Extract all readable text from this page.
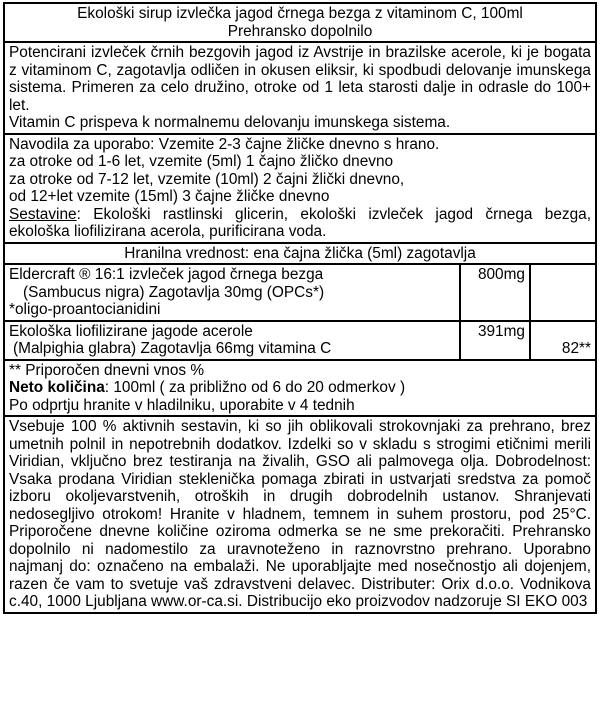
Ekološki sirup izvlečka jagod črnega bezga z vitaminom C, 100ml
Prehransko dopolnilo
Potencirani izvleček črnih bezgovih jagod iz Avstrije in brazilske acerole, ki je bogata z vitaminom C, zagotavlja odličen in okusen eliksir, ki spodbudi delovanje imunskega sistema. Primeren za celo družino, otroke od 1 leta starosti dalje in odrasle do 100+ let.
Vitamin C prispeva k normalnemu delovanju imunskega sistema.
Navodila za uporabo: Vzemite 2-3 čajne žličke dnevno s hrano.
za otroke od 1-6 let, vzemite (5ml) 1 čajno žličko dnevno
za otroke od 7-12 let, vzemite (10ml) 2 čajni žlički dnevno,
od 12+let vzemite (15ml) 3 čajne žličke dnevno
Sestavine: Ekološki rastlinski glicerin, ekološki izvleček jagod črnega bezga, ekološka liofilizirana acerola, purificirana voda.
Hranilna vrednost: ena čajna žlička (5ml) zagotavlja
Eldercraft ® 16:1 izvleček jagod črnega bezga
(Sambucus nigra) Zagotavlja 30mg (OPCs*)
*oligo-proantocianidini
800mg
Ekološka liofilizirane jagode acerole
(Malpighia glabra) Zagotavlja 66mg vitamina C
391mg
82**
** Priporočen dnevni vnos %
Neto količina: 100ml ( za približno od 6 do 20 odmerkov )
Po odprtju hranite v hladilniku, uporabite v 4 tednih
Vsebuje 100 % aktivnih sestavin, ki so jih oblikovali strokovnjaki za prehrano, brez umetnih polnil in nepotrebnih dodatkov. Izdelki so v skladu s strogimi etičnimi merili Viridian, vključno brez testiranja na živalih, GSO ali palmovega olja. Dobrodelnost: Vsaka prodana Viridian stekleničkа pomaga zbirati in ustvarjati sredstva za pomoč izboru okoljevarstvenih, otroških in drugih dobrodelnih ustanov. Shranjevati nedosegljivo otrokom! Hranite v hladnem, temnem in suhem prostoru, pod 25°C. Priporočene dnevne količine oziroma odmerka se ne sme prekoračiti. Prehransko dopolnilo ni nadomestilo za uravnoteženo in raznovrstno prehrano. Uporabno najmanj do: označeno na embalaži. Ne uporabljajte med nosečnostjo ali dojenjem, razen če vam to svetuje vaš zdravstveni delavec. Distributer: Orix d.o.o. Vodnikova c.40, 1000 Ljubljana www.or-ca.si. Distribucijo eko proizvodov nadzoruje SI EKO 003
